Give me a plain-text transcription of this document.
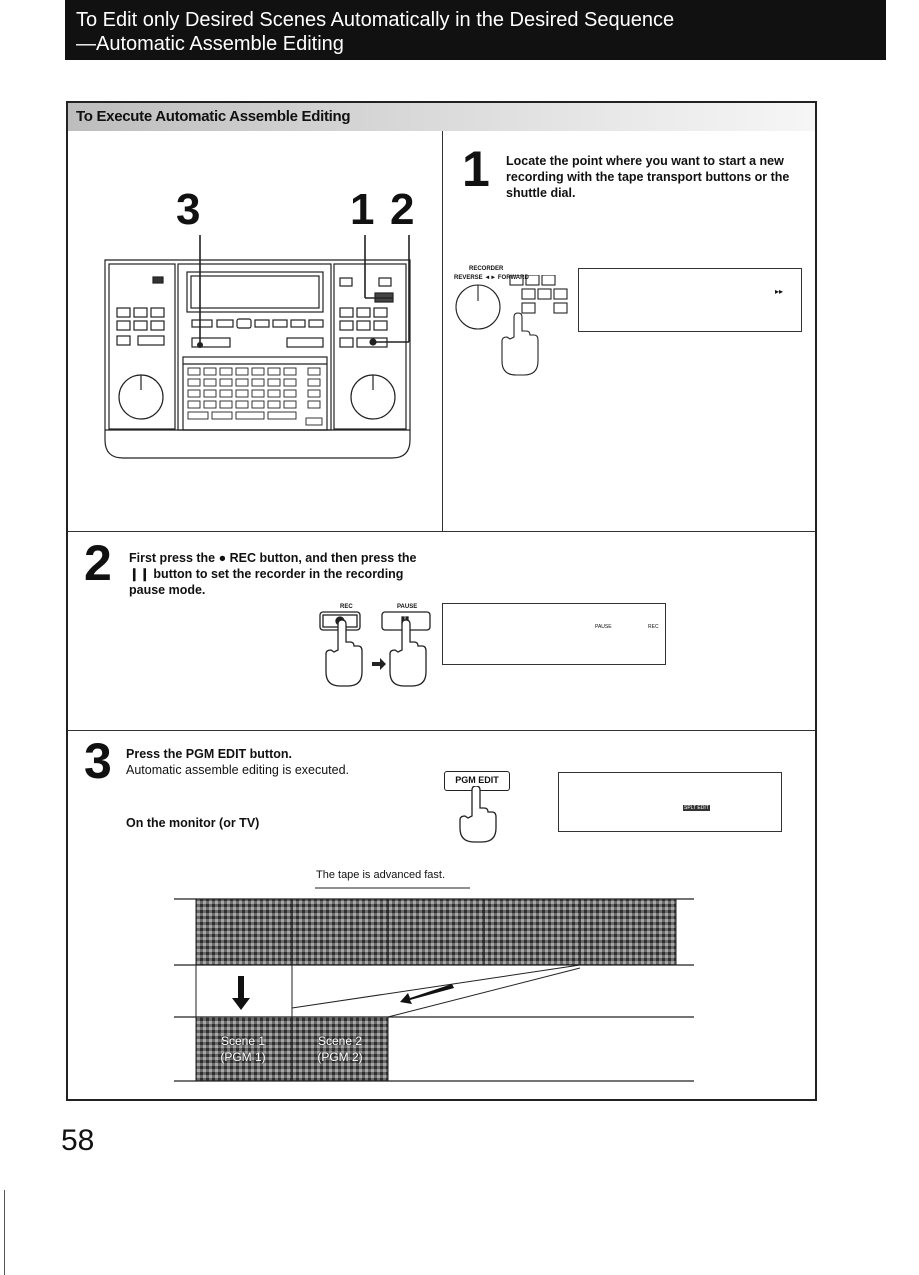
To Edit only Desired Scenes Automatically in the Desired Sequence
—Automatic Assemble Editing
To Execute Automatic Assemble Editing
3	1 2
1 Locate the point where you want to start a new recording with the tape transport buttons or the shuttle dial.
RECORDER
REVERSE ◄► FORWARD
▸▸
2 First press the ● REC button, and then press the ❙❙ button to set the recorder in the recording pause mode.
REC	PAUSE
PAUSE	REC
3 Press the PGM EDIT button.
Automatic assemble editing is executed.
On the monitor (or TV)
PGM EDIT
SPLT EDIT
The tape is advanced fast.
Scene 1
(PGM 1)
Scene 2
(PGM 2)
58
